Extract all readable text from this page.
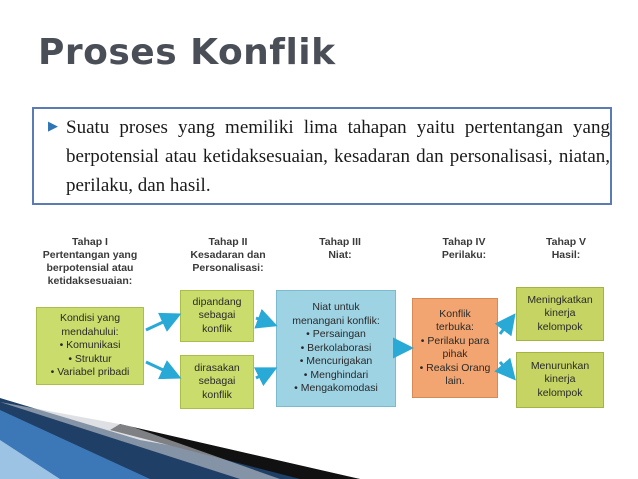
Proses Konflik
▶ Suatu proses yang memiliki lima tahapan yaitu pertentangan yang berpotensial atau ketidaksesuaian, kesadaran dan personalisasi, niatan, perilaku, dan hasil.
Tahap I
Pertentangan yang
berpotensial atau
ketidaksesuaian:
Tahap II
Kesadaran dan
Personalisasi:
Tahap III
Niat:
Tahap IV
Perilaku:
Tahap V
Hasil:
Kondisi yang
mendahului:
• Komunikasi
• Struktur
• Variabel pribadi
dipandang
sebagai
konflik
dirasakan
sebagai
konflik
Niat untuk
menangani konflik:
• Persaingan
• Berkolaborasi
• Mencurigakan
• Menghindari
• Mengakomodasi
Konflik
terbuka:
• Perilaku para
pihak
• Reaksi Orang
lain.
Meningkatkan
kinerja
kelompok
Menurunkan
kinerja
kelompok
